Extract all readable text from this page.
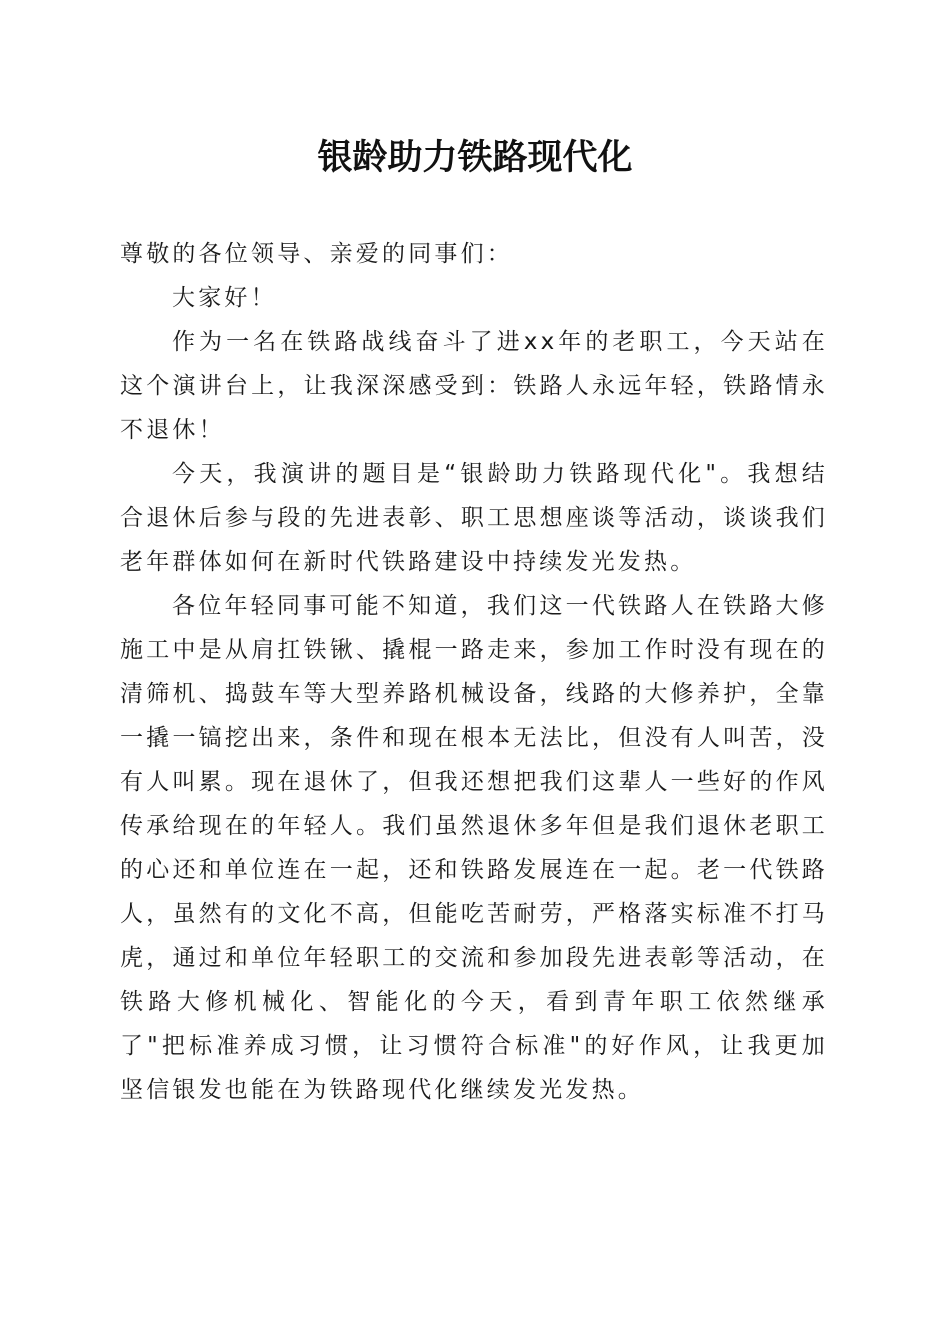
银龄助力铁路现代化

尊敬的各位领导、亲爱的同事们：

大家好！

作为一名在铁路战线奋斗了进xx年的老职工，今天站在这个演讲台上，让我深深感受到：铁路人永远年轻，铁路情永不退休！

今天，我演讲的题目是“银龄助力铁路现代化"。我想结合退休后参与段的先进表彰、职工思想座谈等活动，谈谈我们老年群体如何在新时代铁路建设中持续发光发热。

各位年轻同事可能不知道，我们这一代铁路人在铁路大修施工中是从肩扛铁锹、撬棍一路走来，参加工作时没有现在的清筛机、捣鼓车等大型养路机械设备，线路的大修养护，全靠一撬一镐挖出来，条件和现在根本无法比，但没有人叫苦，没有人叫累。现在退休了，但我还想把我们这辈人一些好的作风传承给现在的年轻人。我们虽然退休多年但是我们退休老职工的心还和单位连在一起，还和铁路发展连在一起。老一代铁路人，虽然有的文化不高，但能吃苦耐劳，严格落实标准不打马虎，通过和单位年轻职工的交流和参加段先进表彰等活动，在铁路大修机械化、智能化的今天，看到青年职工依然继承了"把标准养成习惯，让习惯符合标准"的好作风，让我更加坚信银发也能在为铁路现代化继续发光发热。
